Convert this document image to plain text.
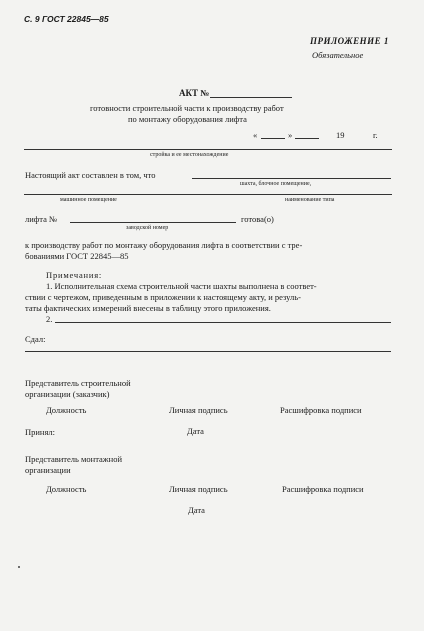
С. 9 ГОСТ 22845—85
ПРИЛОЖЕНИЕ 1
Обязательное
АКТ №
готовности строительной части к производству работ
по монтажу оборудования лифта
«	»	19	г.
стройка и ее местонахождение
Настоящий акт составлен в том, что
шахта, блочное помещение,
машинное помещение	наименование типа
лифта №	готова(о)
заводской номер
к производству работ по монтажу оборудования лифта в соответствии с тре-
бованиями ГОСТ 22845—85
Примечания:
1. Исполнительная схема строительной части шахты выполнена в соответ-
ствии с чертежом, приведенным в приложении к настоящему акту, и резуль-
таты фактических измерений внесены в таблицу этого приложения.
2.
Сдал:
Представитель строительной
организации (заказчик)
Должность	Личная подпись	Расшифровка подписи
Принял:	Дата
Представитель монтажной
организации
Должность	Личная подпись	Расшифровка подписи
Дата
